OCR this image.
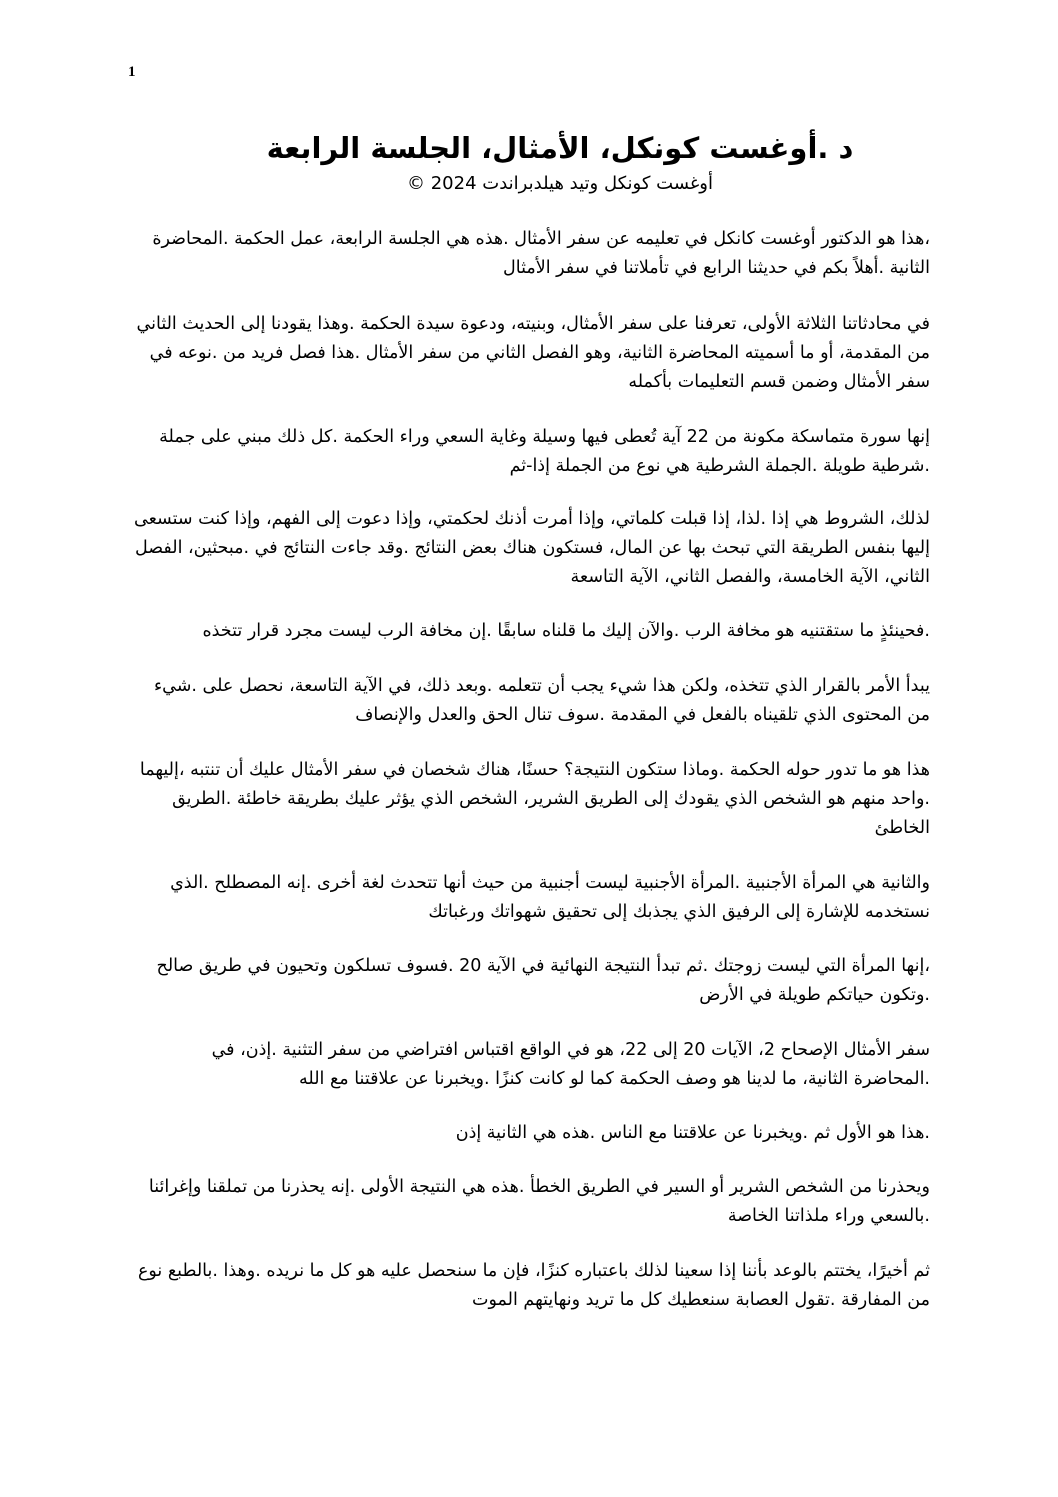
1
د .أوغست كونكل، الأمثال، الجلسة الرابعة
أوغست كونكل وتيد هيلدبراندت 2024 ©

،هذا هو الدكتور أوغست كانكل في تعليمه عن سفر الأمثال .هذه هي الجلسة الرابعة، عمل الحكمة .المحاضرة الثانية .أهلاً بكم في حديثنا الرابع في تأملاتنا في سفر الأمثال

في محادثاتنا الثلاثة الأولى، تعرفنا على سفر الأمثال، وبنيته، ودعوة سيدة الحكمة .وهذا يقودنا إلى الحديث الثاني من المقدمة، أو ما أسميته المحاضرة الثانية، وهو الفصل الثاني من سفر الأمثال .هذا فصل فريد من .نوعه في سفر الأمثال وضمن قسم التعليمات بأكمله

إنها سورة متماسكة مكونة من 22 آية تُعطى فيها وسيلة وغاية السعي وراء الحكمة .كل ذلك مبني على جملة .شرطية طويلة .الجملة الشرطية هي نوع من الجملة إذا-ثم

لذلك، الشروط هي إذا .لذا، إذا قبلت كلماتي، وإذا أمرت أذنك لحكمتي، وإذا دعوت إلى الفهم، وإذا كنت ستسعى إليها بنفس الطريقة التي تبحث بها عن المال، فستكون هناك بعض النتائج .وقد جاءت النتائج في .مبحثين، الفصل الثاني، الآية الخامسة، والفصل الثاني، الآية التاسعة

.فحينئذٍ ما ستقتنيه هو مخافة الرب .والآن إليك ما قلناه سابقًا .إن مخافة الرب ليست مجرد قرار تتخذه

يبدأ الأمر بالقرار الذي تتخذه، ولكن هذا شيء يجب أن تتعلمه .وبعد ذلك، في الآية التاسعة، نحصل على .شيء من المحتوى الذي تلقيناه بالفعل في المقدمة .سوف تنال الحق والعدل والإنصاف

هذا هو ما تدور حوله الحكمة .وماذا ستكون النتيجة؟ حسنًا، هناك شخصان في سفر الأمثال عليك أن تنتبه ،إليهما .واحد منهم هو الشخص الذي يقودك إلى الطريق الشرير، الشخص الذي يؤثر عليك بطريقة خاطئة .الطريق الخاطئ

والثانية هي المرأة الأجنبية .المرأة الأجنبية ليست أجنبية من حيث أنها تتحدث لغة أخرى .إنه المصطلح .الذي نستخدمه للإشارة إلى الرفيق الذي يجذبك إلى تحقيق شهواتك ورغباتك

،إنها المرأة التي ليست زوجتك .ثم تبدأ النتيجة النهائية في الآية 20 .فسوف تسلكون وتحيون في طريق صالح .وتكون حياتكم طويلة في الأرض

سفر الأمثال الإصحاح 2، الآيات 20 إلى 22، هو في الواقع اقتباس افتراضي من سفر التثنية .إذن، في .المحاضرة الثانية، ما لدينا هو وصف الحكمة كما لو كانت كنزًا .ويخبرنا عن علاقتنا مع الله

.هذا هو الأول ثم .ويخبرنا عن علاقتنا مع الناس .هذه هي الثانية إذن

ويحذرنا من الشخص الشرير أو السير في الطريق الخطأ .هذه هي النتيجة الأولى .إنه يحذرنا من تملقنا وإغرائنا .بالسعي وراء ملذاتنا الخاصة

ثم أخيرًا، يختتم بالوعد بأننا إذا سعينا لذلك باعتباره كنزًا، فإن ما سنحصل عليه هو كل ما نريده .وهذا .بالطبع نوع من المفارقة .تقول العصابة سنعطيك كل ما تريد ونهايتهم الموت
